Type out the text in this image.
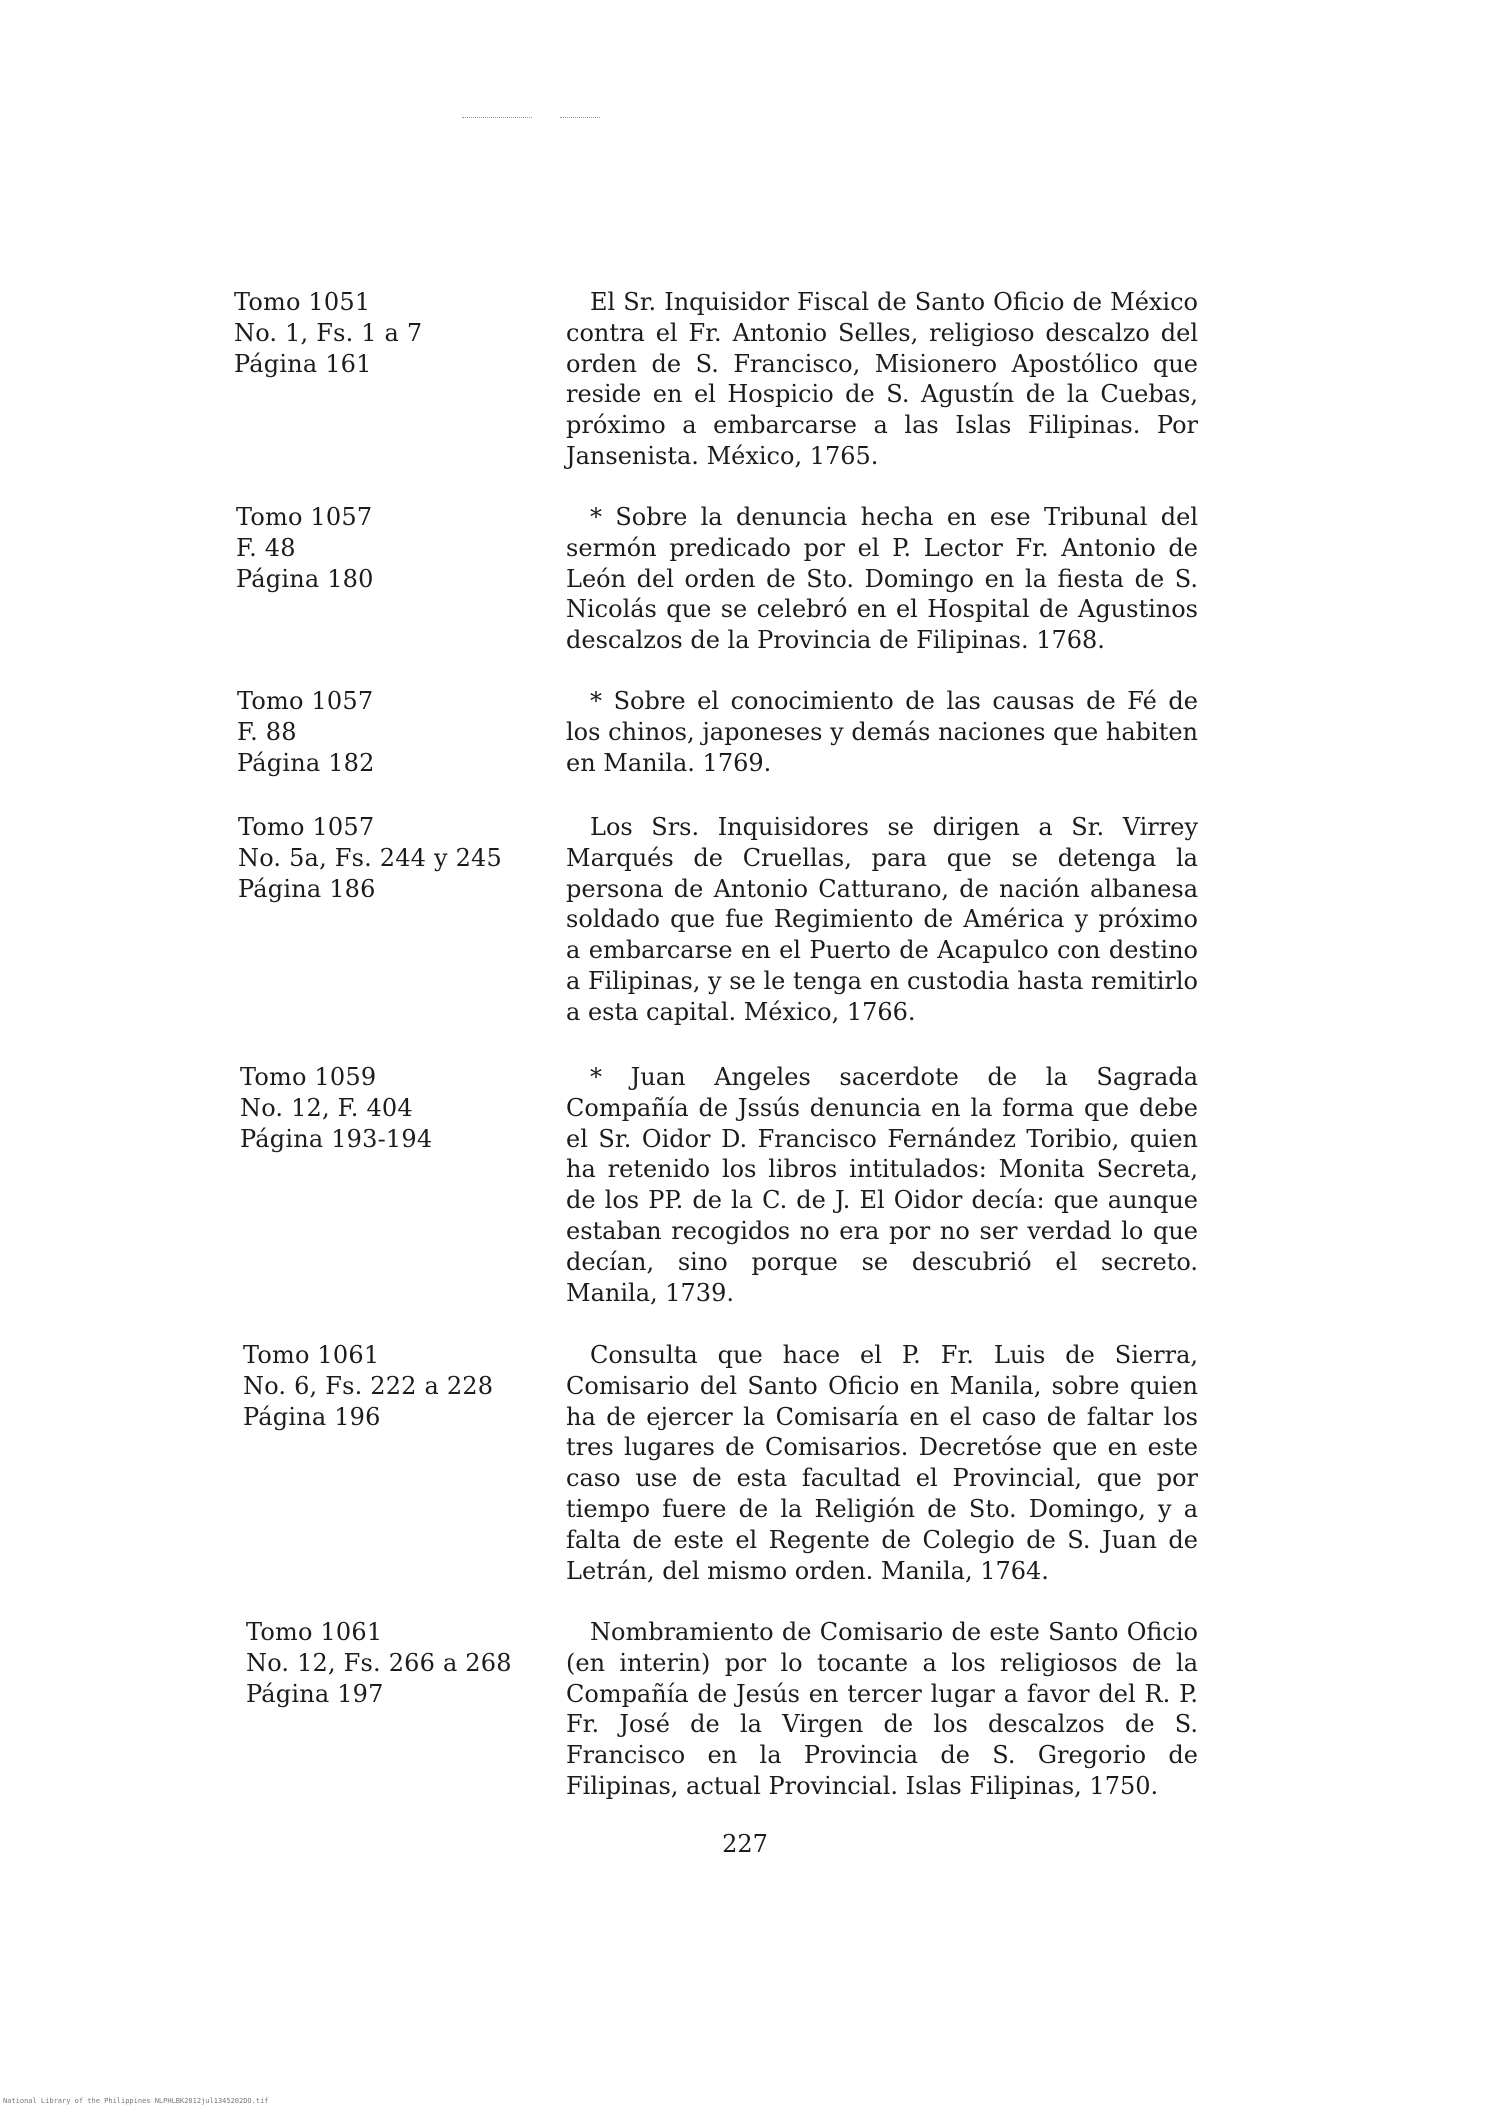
Tomo 1051
No. 1, Fs. 1 a 7
Página 161

El Sr. Inquisidor Fiscal de Santo Oficio de México contra el Fr. Antonio Selles, religioso descalzo del orden de S. Francisco, Misionero Apostólico que reside en el Hospicio de S. Agustín de la Cuebas, próximo a embarcarse a las Islas Filipinas. Por Jansenista. México, 1765.

Tomo 1057
F. 48
Página 180

* Sobre la denuncia hecha en ese Tribunal del sermón predicado por el P. Lector Fr. Antonio de León del orden de Sto. Domingo en la fiesta de S. Nicolás que se celebró en el Hospital de Agustinos descalzos de la Provincia de Filipinas. 1768.

Tomo 1057
F. 88
Página 182

* Sobre el conocimiento de las causas de Fé de los chinos, japoneses y demás naciones que habiten en Manila. 1769.

Tomo 1057
No. 5a, Fs. 244 y 245
Página 186

Los Srs. Inquisidores se dirigen a Sr. Virrey Marqués de Cruellas, para que se detenga la persona de Antonio Catturano, de nación albanesa soldado que fue Regimiento de América y próximo a embarcarse en el Puerto de Acapulco con destino a Filipinas, y se le tenga en custodia hasta remitirlo a esta capital. México, 1766.

Tomo 1059
No. 12, F. 404
Página 193-194

* Juan Angeles sacerdote de la Sagrada Compañía de Jssús denuncia en la forma que debe el Sr. Oidor D. Francisco Fernández Toribio, quien ha retenido los libros intitulados: Monita Secreta, de los PP. de la C. de J. El Oidor decía: que aunque estaban recogidos no era por no ser verdad lo que decían, sino porque se descubrió el secreto. Manila, 1739.

Tomo 1061
No. 6, Fs. 222 a 228
Página 196

Consulta que hace el P. Fr. Luis de Sierra, Comisario del Santo Oficio en Manila, sobre quien ha de ejercer la Comisaría en el caso de faltar los tres lugares de Comisarios. Decretóse que en este caso use de esta facultad el Provincial, que por tiempo fuere de la Religión de Sto. Domingo, y a falta de este el Regente de Colegio de S. Juan de Letrán, del mismo orden. Manila, 1764.

Tomo 1061
No. 12, Fs. 266 a 268
Página 197

Nombramiento de Comisario de este Santo Oficio (en interin) por lo tocante a los religiosos de la Compañía de Jesús en tercer lugar a favor del R. P. Fr. José de la Virgen de los descalzos de S. Francisco en la Provincia de S. Gregorio de Filipinas, actual Provincial. Islas Filipinas, 1750.

227
National Library of the Philippines NLPHLBK2012jul1345202DO.tif
